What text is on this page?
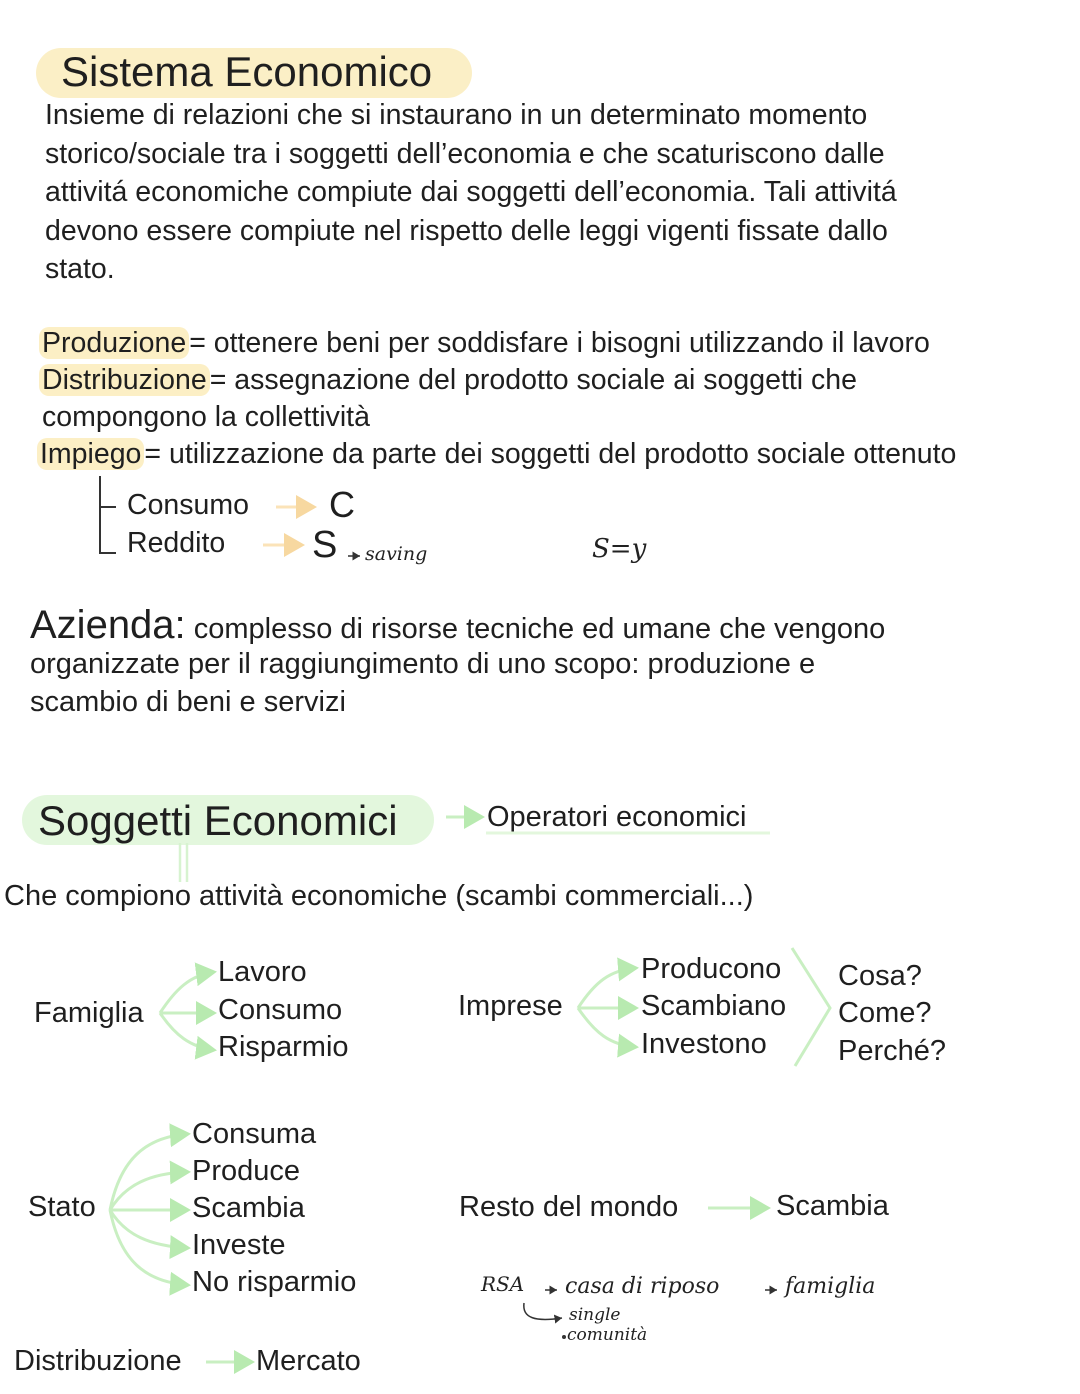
Sistema Economico
Insieme di relazioni che si instaurano in un determinato momento
storico/sociale tra i soggetti dell’economia e che scaturiscono dalle
attivitá economiche compiute dai soggetti dell’economia. Tali attivitá
devono essere compiute nel rispetto delle leggi vigenti fissate dallo
stato.
Produzione = ottenere beni per soddisfare i bisogni utilizzando il lavoro
Distribuzione = assegnazione del prodotto sociale ai soggetti che
compongono la collettività
Impiego = utilizzazione da parte dei soggetti del prodotto sociale ottenuto
Consumo
Reddito
C
S saving	S=y
Azienda: complesso di risorse tecniche ed umane che vengono
organizzate per il raggiungimento di uno scopo: produzione e
scambio di beni e servizi
Soggetti Economici	Operatori economici
Che compiono attività economiche (scambi commerciali...)
Famiglia
Lavoro
Consumo
Risparmio
Imprese
Producono
Scambiano
Investono
Cosa?
Come?
Perché?
Stato
Consuma
Produce
Scambia
Investe
No risparmio
Resto del mondo	Scambia
Distribuzione	Mercato
RSA casa di riposo	famiglia
single
comunità
